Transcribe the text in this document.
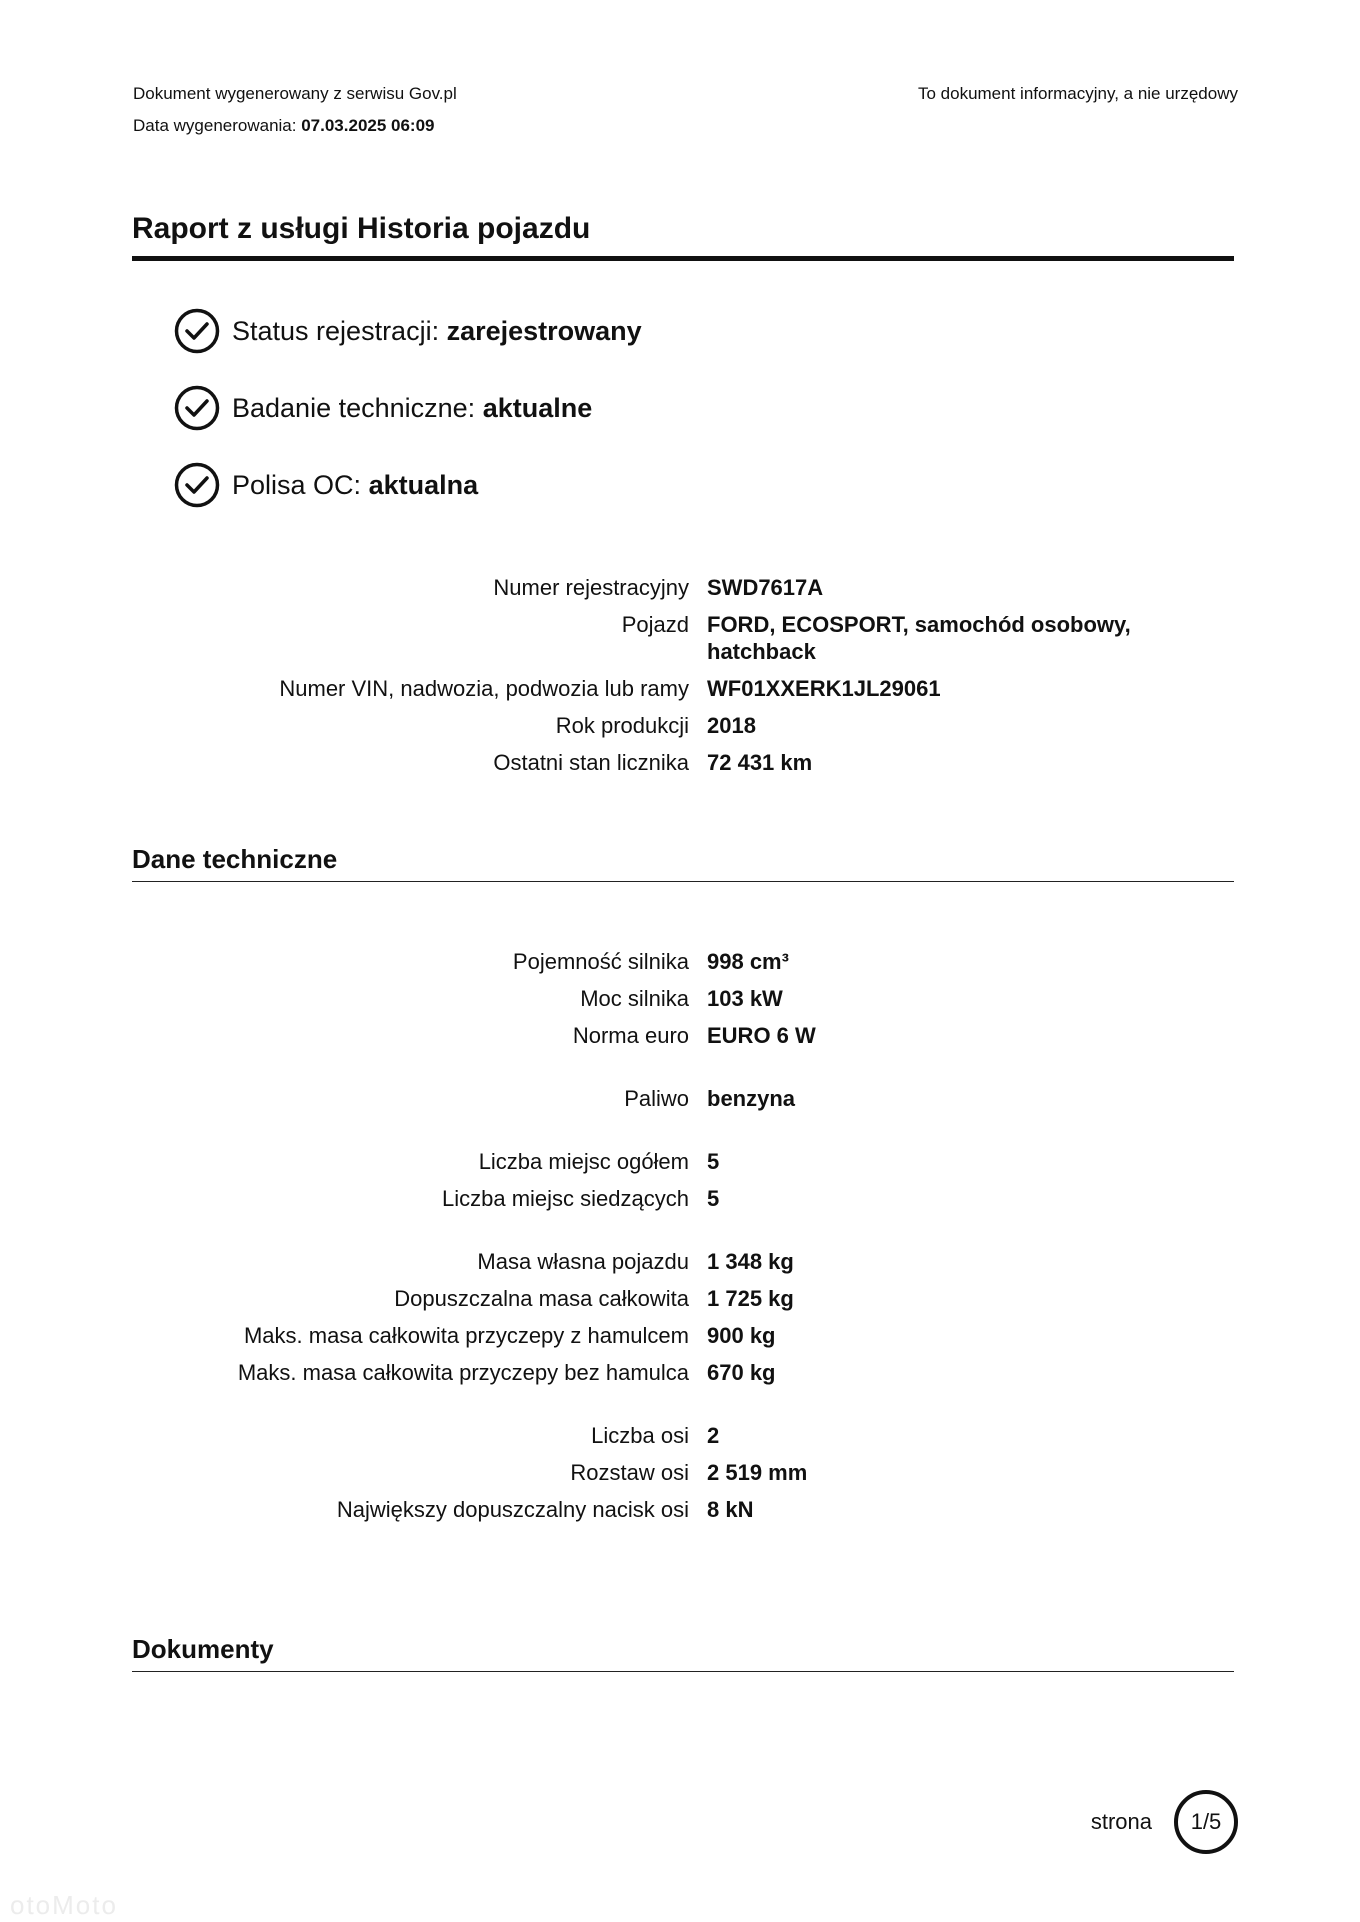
Dokument wygenerowany z serwisu Gov.pl
Data wygenerowania: 07.03.2025 06:09
To dokument informacyjny, a nie urzędowy
Raport z usługi Historia pojazdu
Status rejestracji:
zarejestrowany
Badanie techniczne:
aktualne
Polisa OC:
aktualna
Numer rejestracyjny SWD7617A
Pojazd FORD, ECOSPORT, samochód osobowy,
hatchback
Numer VIN, nadwozia, podwozia lub ramy WF01XXERK1JL29061
Rok produkcji 2018
Ostatni stan licznika 72 431 km
Dane techniczne
Pojemność silnika 998 cm³
Moc silnika 103 kW
Norma euro EURO 6 W
Paliwo benzyna
Liczba miejsc ogółem 5
Liczba miejsc siedzących 5
Masa własna pojazdu 1 348 kg
Dopuszczalna masa całkowita 1 725 kg
Maks. masa całkowita przyczepy z hamulcem 900 kg
Maks. masa całkowita przyczepy bez hamulca 670 kg
Liczba osi 2
Rozstaw osi 2 519 mm
Największy dopuszczalny nacisk osi 8 kN
Dokumenty
strona	1/5
otoMoto
